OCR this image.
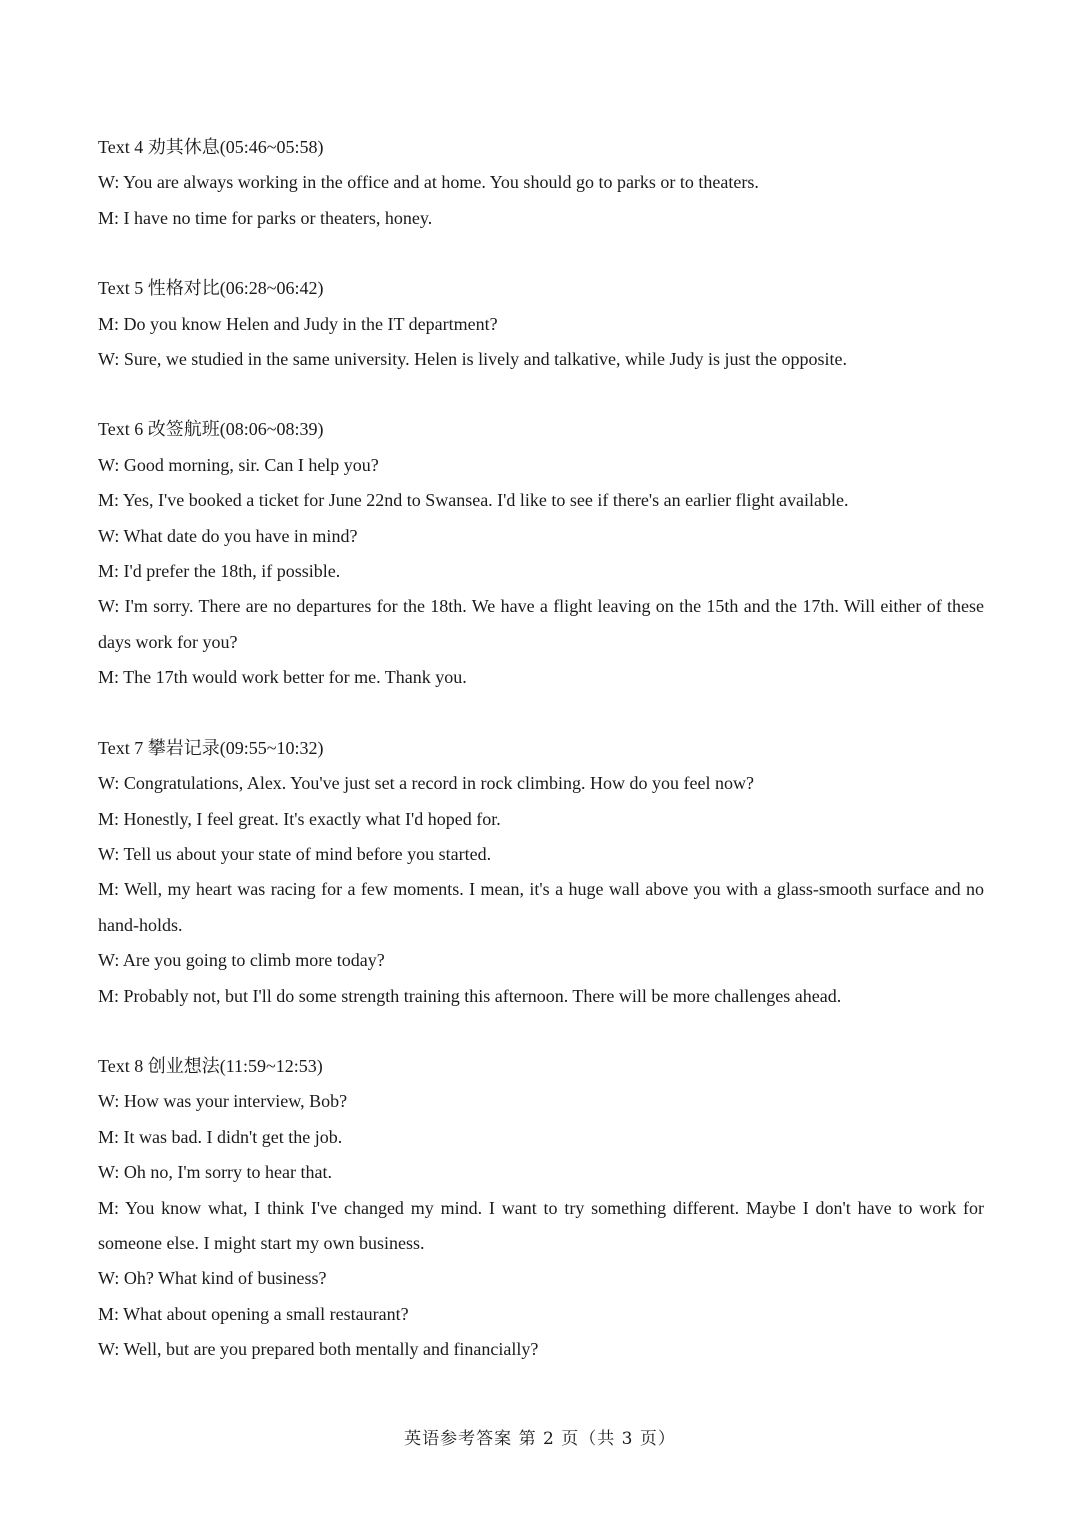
Text 4 劝其休息(05:46~05:58)

W: You are always working in the office and at home. You should go to parks or to theaters.

M: I have no time for parks or theaters, honey.

Text 5 性格对比(06:28~06:42)

M: Do you know Helen and Judy in the IT department?

W: Sure, we studied in the same university. Helen is lively and talkative, while Judy is just the opposite.

Text 6 改签航班(08:06~08:39)

W: Good morning, sir. Can I help you?

M: Yes, I've booked a ticket for June 22nd to Swansea. I'd like to see if there's an earlier flight available.

W: What date do you have in mind?

M: I'd prefer the 18th, if possible.

W: I'm sorry. There are no departures for the 18th. We have a flight leaving on the 15th and the 17th. Will either of these days work for you?

M: The 17th would work better for me. Thank you.

Text 7 攀岩记录(09:55~10:32)

W: Congratulations, Alex. You've just set a record in rock climbing. How do you feel now?

M: Honestly, I feel great. It's exactly what I'd hoped for.

W: Tell us about your state of mind before you started.

M: Well, my heart was racing for a few moments. I mean, it's a huge wall above you with a glass-smooth surface and no hand-holds.

W: Are you going to climb more today?

M: Probably not, but I'll do some strength training this afternoon. There will be more challenges ahead.

Text 8 创业想法(11:59~12:53)

W: How was your interview, Bob?

M: It was bad. I didn't get the job.

W: Oh no, I'm sorry to hear that.

M: You know what, I think I've changed my mind. I want to try something different. Maybe I don't have to work for someone else. I might start my own business.

W: Oh? What kind of business?

M: What about opening a small restaurant?

W: Well, but are you prepared both mentally and financially?

英语参考答案 第 2 页（共 3 页）
